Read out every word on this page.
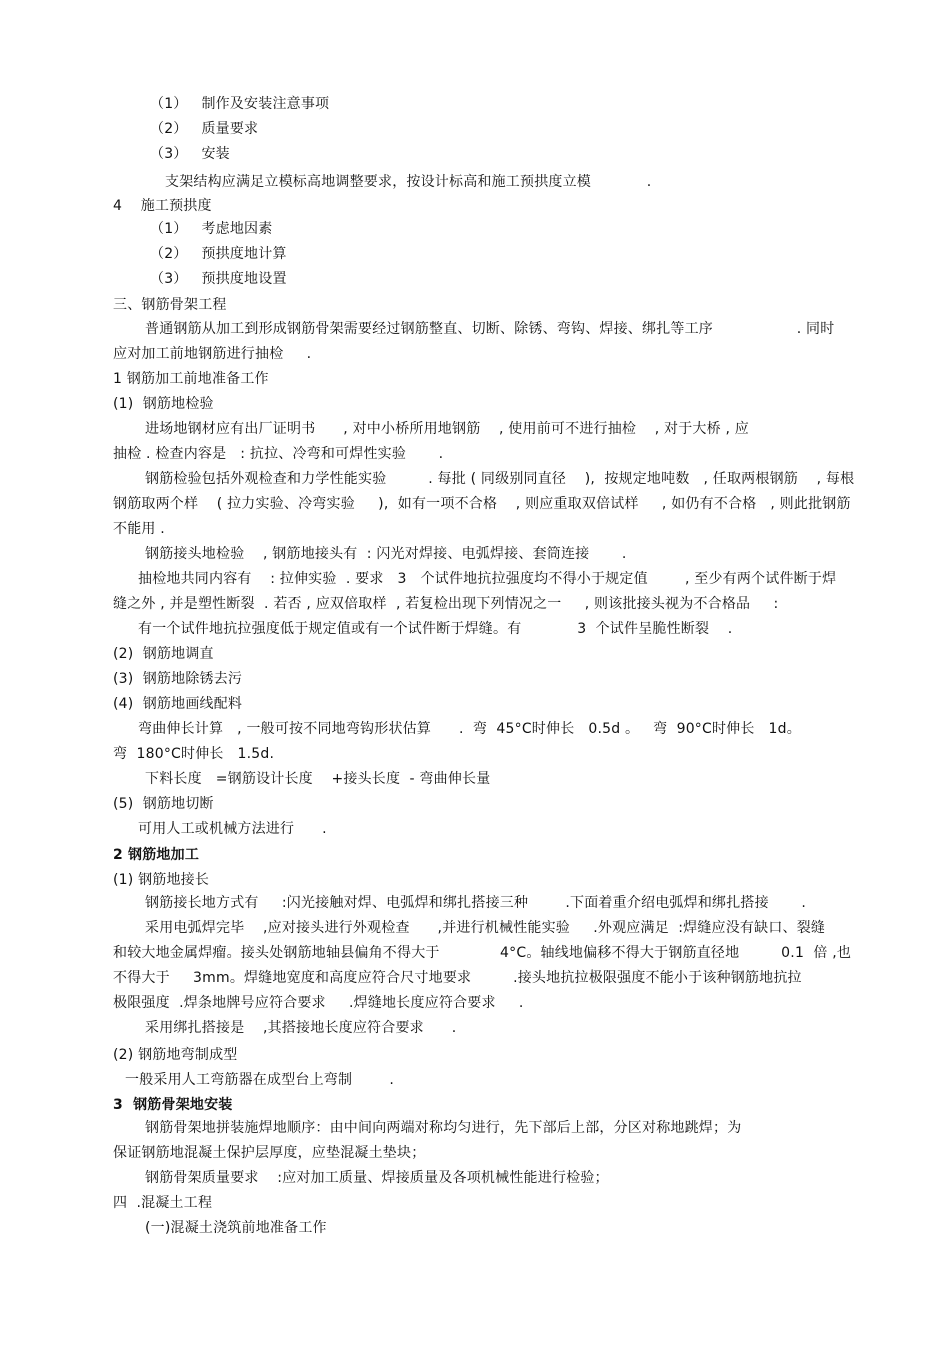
（1）   制作及安装注意事项
（2）   质量要求
（3）   安装
支架结构应满足立模标高地调整要求，按设计标高和施工预拱度立模            .
4    施工预拱度
（1）   考虑地因素
（2）   预拱度地计算
（3）   预拱度地设置
三、钢筋骨架工程
普通钢筋从加工到形成钢筋骨架需要经过钢筋整直、切断、除锈、弯钩、焊接、绑扎等工序                  . 同时
应对加工前地钢筋进行抽检     .
1 钢筋加工前地准备工作
(1)  钢筋地检验
进场地钢材应有出厂证明书      , 对中小桥所用地钢筋    , 使用前可不进行抽检    , 对于大桥 , 应
抽检 . 检查内容是   : 抗拉、冷弯和可焊性实验       .
钢筋检验包括外观检查和力学性能实验         . 每批 ( 同级别同直径    ),  按规定地吨数   , 任取两根钢筋    , 每根
钢筋取两个样    ( 拉力实验、冷弯实验     ),  如有一项不合格    , 则应重取双倍试样     , 如仍有不合格   , 则此批钢筋
不能用 .
钢筋接头地检验    , 钢筋地接头有  : 闪光对焊接、电弧焊接、套筒连接       .
抽检地共同内容有    : 拉伸实验  . 要求   3   个试件地抗拉强度均不得小于规定值        , 至少有两个试件断于焊
缝之外 , 并是塑性断裂  . 若否 , 应双倍取样  , 若复检出现下列情况之一     , 则该批接头视为不合格品     :
有一个试件地抗拉强度低于规定值或有一个试件断于焊缝。有            3  个试件呈脆性断裂    .
(2)  钢筋地调直
(3)  钢筋地除锈去污
(4)  钢筋地画线配料
弯曲伸长计算   , 一般可按不同地弯钩形状估算      .  弯  45°C时伸长   0.5d 。   弯  90°C时伸长   1d。
弯  180°C时伸长   1.5d.
下料长度   =钢筋设计长度    +接头长度  - 弯曲伸长量
(5)  钢筋地切断
可用人工或机械方法进行      .
2 钢筋地加工
(1) 钢筋地接长
钢筋接长地方式有     :闪光接触对焊、电弧焊和绑扎搭接三种        .下面着重介绍电弧焊和绑扎搭接       .
采用电弧焊完毕    ,应对接头进行外观检查      ,并进行机械性能实验     .外观应满足  :焊缝应没有缺口、裂缝
和较大地金属焊瘤。接头处钢筋地轴县偏角不得大于             4°C。轴线地偏移不得大于钢筋直径地         0.1  倍 ,也
不得大于     3mm。焊缝地宽度和高度应符合尺寸地要求         .接头地抗拉极限强度不能小于该种钢筋地抗拉
极限强度  .焊条地牌号应符合要求     .焊缝地长度应符合要求     .
采用绑扎搭接是    ,其搭接地长度应符合要求      .
(2) 钢筋地弯制成型
一般采用人工弯筋器在成型台上弯制        .
3  钢筋骨架地安装
钢筋骨架地拼装施焊地顺序：由中间向两端对称均匀进行，先下部后上部，分区对称地跳焊；为
保证钢筋地混凝土保护层厚度，应垫混凝土垫块；
钢筋骨架质量要求    :应对加工质量、焊接质量及各项机械性能进行检验；
四  .混凝土工程
(一)混凝土浇筑前地准备工作
